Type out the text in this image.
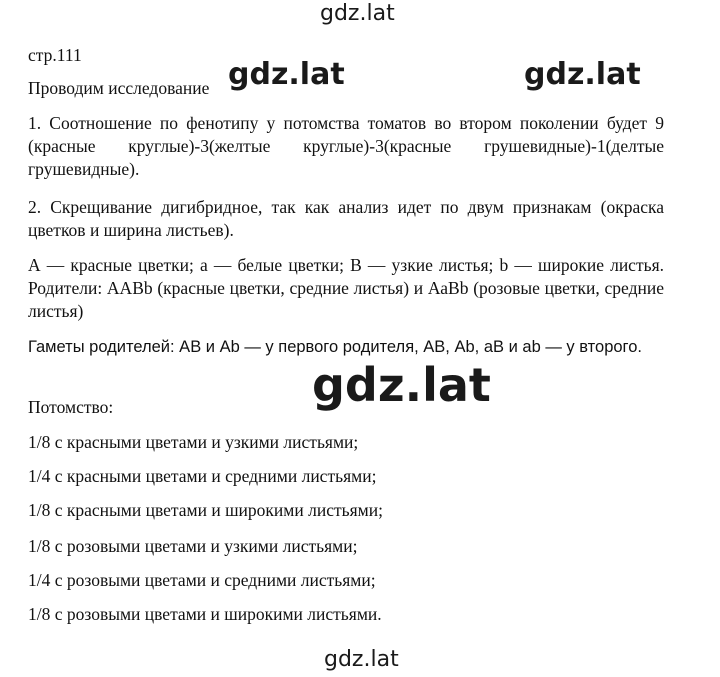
gdz.lat

стр.111

Проводим исследование

1. Соотношение по фенотипу у потомства томатов во втором поколении будет 9 (красные круглые)-3(желтые круглые)-3(красные грушевидные)-1(делтые грушевидные).

2. Скрещивание дигибридное, так как анализ идет по двум признакам (окраска цветков и ширина листьев).

А — красные цветки; а — белые цветки; В — узкие листья; b — широкие листья. Родители: ААВb (красные цветки, средние листья) и АаВb (розовые цветки, средние листья)

Гаметы родителей: АВ и Аb — у первого родителя, АВ, Аb, аВ и аb — у второго.

Потомство:

1/8 с красными цветами и узкими листьями;

1/4 с красными цветами и средними листьями;

1/8 с красными цветами и широкими листьями;

1/8 с розовыми цветами и узкими листьями;

1/4 с розовыми цветами и средними листьями;

1/8 с розовыми цветами и широкими листьями.

gdz.lat	gdz.lat
gdz.lat
gdz.lat
